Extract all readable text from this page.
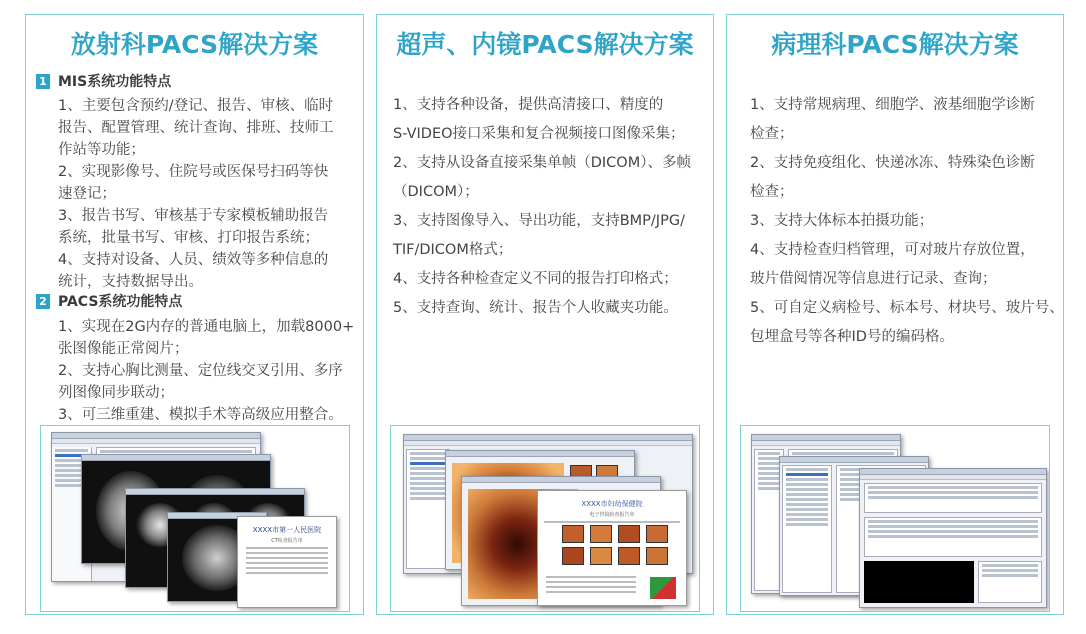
放射科PACS解决方案
1 MIS系统功能特点
1、主要包含预约/登记、报告、审核、临时
报告、配置管理、统计查询、排班、技师工
作站等功能；
2、实现影像号、住院号或医保号扫码等快
速登记；
3、报告书写、审核基于专家模板辅助报告
系统，批量书写、审核、打印报告系统；
4、支持对设备、人员、绩效等多种信息的
统计，支持数据导出。
2 PACS系统功能特点
1、实现在2G内存的普通电脑上，加载8000+
张图像能正常阅片；
2、支持心胸比测量、定位线交叉引用、多序
列图像同步联动；
3、可三维重建、模拟手术等高级应用整合。
XXXX市第一人民医院
CT检查报告单
超声、内镜PACS解决方案
1、支持各种设备，提供高清接口、精度的
S-VIDEO接口采集和复合视频接口图像采集；
2、支持从设备直接采集单帧（DICOM）、多帧
（DICOM）；
3、支持图像导入、导出功能，支持BMP/JPG/
TIF/DICOM格式；
4、支持各种检查定义不同的报告打印格式；
5、支持查询、统计、报告个人收藏夹功能。
XXXX市妇幼保健院
电子胃镜检查报告单
病理科PACS解决方案
1、支持常规病理、细胞学、液基细胞学诊断
检查；
2、支持免疫组化、快递冰冻、特殊染色诊断
检查；
3、支持大体标本拍摄功能；
4、支持检查归档管理，可对玻片存放位置，
玻片借阅情况等信息进行记录、查询；
5、可自定义病检号、标本号、材块号、玻片号、
包埋盒号等各种ID号的编码格。
